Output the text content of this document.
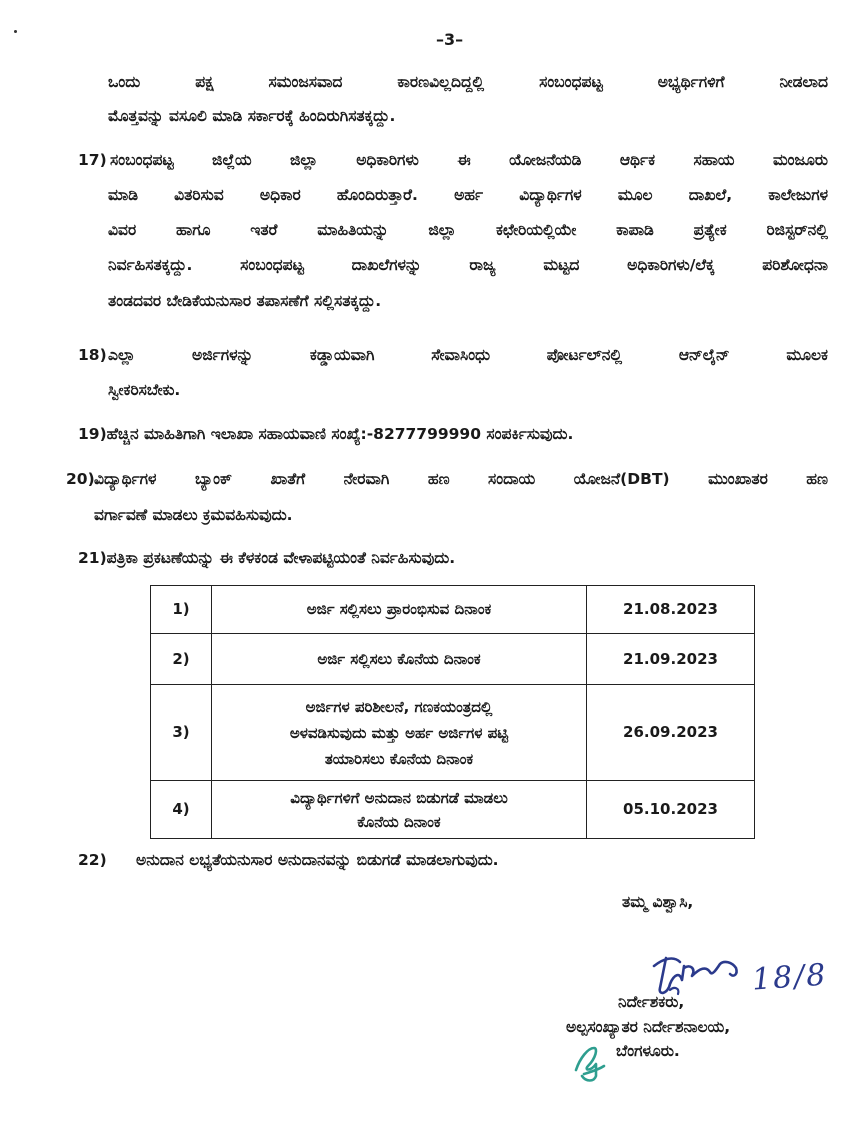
–3–
ಒಂದು ಪಕ್ಷ ಸಮಂಜಸವಾದ ಕಾರಣವಿಲ್ಲದಿದ್ದಲ್ಲಿ ಸಂಬಂಧಪಟ್ಟ ಅಭ್ಯರ್ಥಿಗಳಿಗೆ ನೀಡಲಾದ
ಮೊತ್ತವನ್ನು ವಸೂಲಿ ಮಾಡಿ ಸರ್ಕಾರಕ್ಕೆ ಹಿಂದಿರುಗಿಸತಕ್ಕದ್ದು.
17) ಸಂಬಂಧಪಟ್ಟ ಜಿಲ್ಲೆಯ ಜಿಲ್ಲಾ ಅಧಿಕಾರಿಗಳು ಈ ಯೋಜನೆಯಡಿ ಆರ್ಥಿಕ ಸಹಾಯ ಮಂಜೂರು
ಮಾಡಿ ವಿತರಿಸುವ ಅಧಿಕಾರ ಹೊಂದಿರುತ್ತಾರೆ. ಅರ್ಹ ವಿದ್ಯಾರ್ಥಿಗಳ ಮೂಲ ದಾಖಲೆ, ಕಾಲೇಜುಗಳ
ವಿವರ ಹಾಗೂ ಇತರೆ ಮಾಹಿತಿಯನ್ನು ಜಿಲ್ಲಾ ಕಛೇರಿಯಲ್ಲಿಯೇ ಕಾಪಾಡಿ ಪ್ರತ್ಯೇಕ ರಿಜಿಸ್ಟರ್‌ನಲ್ಲಿ
ನಿರ್ವಹಿಸತಕ್ಕದ್ದು. ಸಂಬಂಧಪಟ್ಟ ದಾಖಲೆಗಳನ್ನು ರಾಜ್ಯ ಮಟ್ಟದ ಅಧಿಕಾರಿಗಳು/ಲೆಕ್ಕ ಪರಿಶೋಧನಾ
ತಂಡದವರ ಬೇಡಿಕೆಯನುಸಾರ ತಪಾಸಣೆಗೆ ಸಲ್ಲಿಸತಕ್ಕದ್ದು.
18) ಎಲ್ಲಾ ಅರ್ಜಿಗಳನ್ನು ಕಡ್ಡಾಯವಾಗಿ ಸೇವಾಸಿಂಧು ಪೋರ್ಟಲ್‌ನಲ್ಲಿ ಆನ್‌ಲೈನ್ ಮೂಲಕ
ಸ್ವೀಕರಿಸಬೇಕು.
19)ಹೆಚ್ಚಿನ ಮಾಹಿತಿಗಾಗಿ ಇಲಾಖಾ ಸಹಾಯವಾಣಿ ಸಂಖ್ಯೆ:-8277799990 ಸಂಪರ್ಕಿಸುವುದು.
20) ವಿದ್ಯಾರ್ಥಿಗಳ ಬ್ಯಾಂಕ್ ಖಾತೆಗೆ ನೇರವಾಗಿ ಹಣ ಸಂದಾಯ ಯೋಜನೆ(DBT) ಮುಂಖಾತರ ಹಣ
ವರ್ಗಾವಣೆ ಮಾಡಲು ಕ್ರಮವಹಿಸುವುದು.
21)ಪತ್ರಿಕಾ ಪ್ರಕಟಣೆಯನ್ನು ಈ ಕೆಳಕಂಡ ವೇಳಾಪಟ್ಟಿಯಂತೆ ನಿರ್ವಹಿಸುವುದು.
1)	ಅರ್ಜಿ ಸಲ್ಲಿಸಲು ಪ್ರಾರಂಭಿಸುವ ದಿನಾಂಕ	21.08.2023
2)	ಅರ್ಜಿ ಸಲ್ಲಿಸಲು ಕೊನೆಯ ದಿನಾಂಕ	21.09.2023
3)	ಅರ್ಜಿಗಳ ಪರಿಶೀಲನೆ, ಗಣಕಯಂತ್ರದಲ್ಲಿ
ಅಳವಡಿಸುವುದು ಮತ್ತು ಅರ್ಹ ಅರ್ಜಿಗಳ ಪಟ್ಟಿ
ತಯಾರಿಸಲು ಕೊನೆಯ ದಿನಾಂಕ	26.09.2023
4)	ವಿದ್ಯಾರ್ಥಿಗಳಿಗೆ ಅನುದಾನ ಬಿಡುಗಡೆ ಮಾಡಲು
ಕೊನೆಯ ದಿನಾಂಕ	05.10.2023
22) ಅನುದಾನ ಲಭ್ಯತೆಯನುಸಾರ ಅನುದಾನವನ್ನು ಬಿಡುಗಡೆ ಮಾಡಲಾಗುವುದು.
ತಮ್ಮ ವಿಶ್ವಾಸಿ,
18/8
ನಿರ್ದೇಶಕರು,
ಅಲ್ಪಸಂಖ್ಯಾತರ ನಿರ್ದೇಶನಾಲಯ,
ಬೆಂಗಳೂರು.
